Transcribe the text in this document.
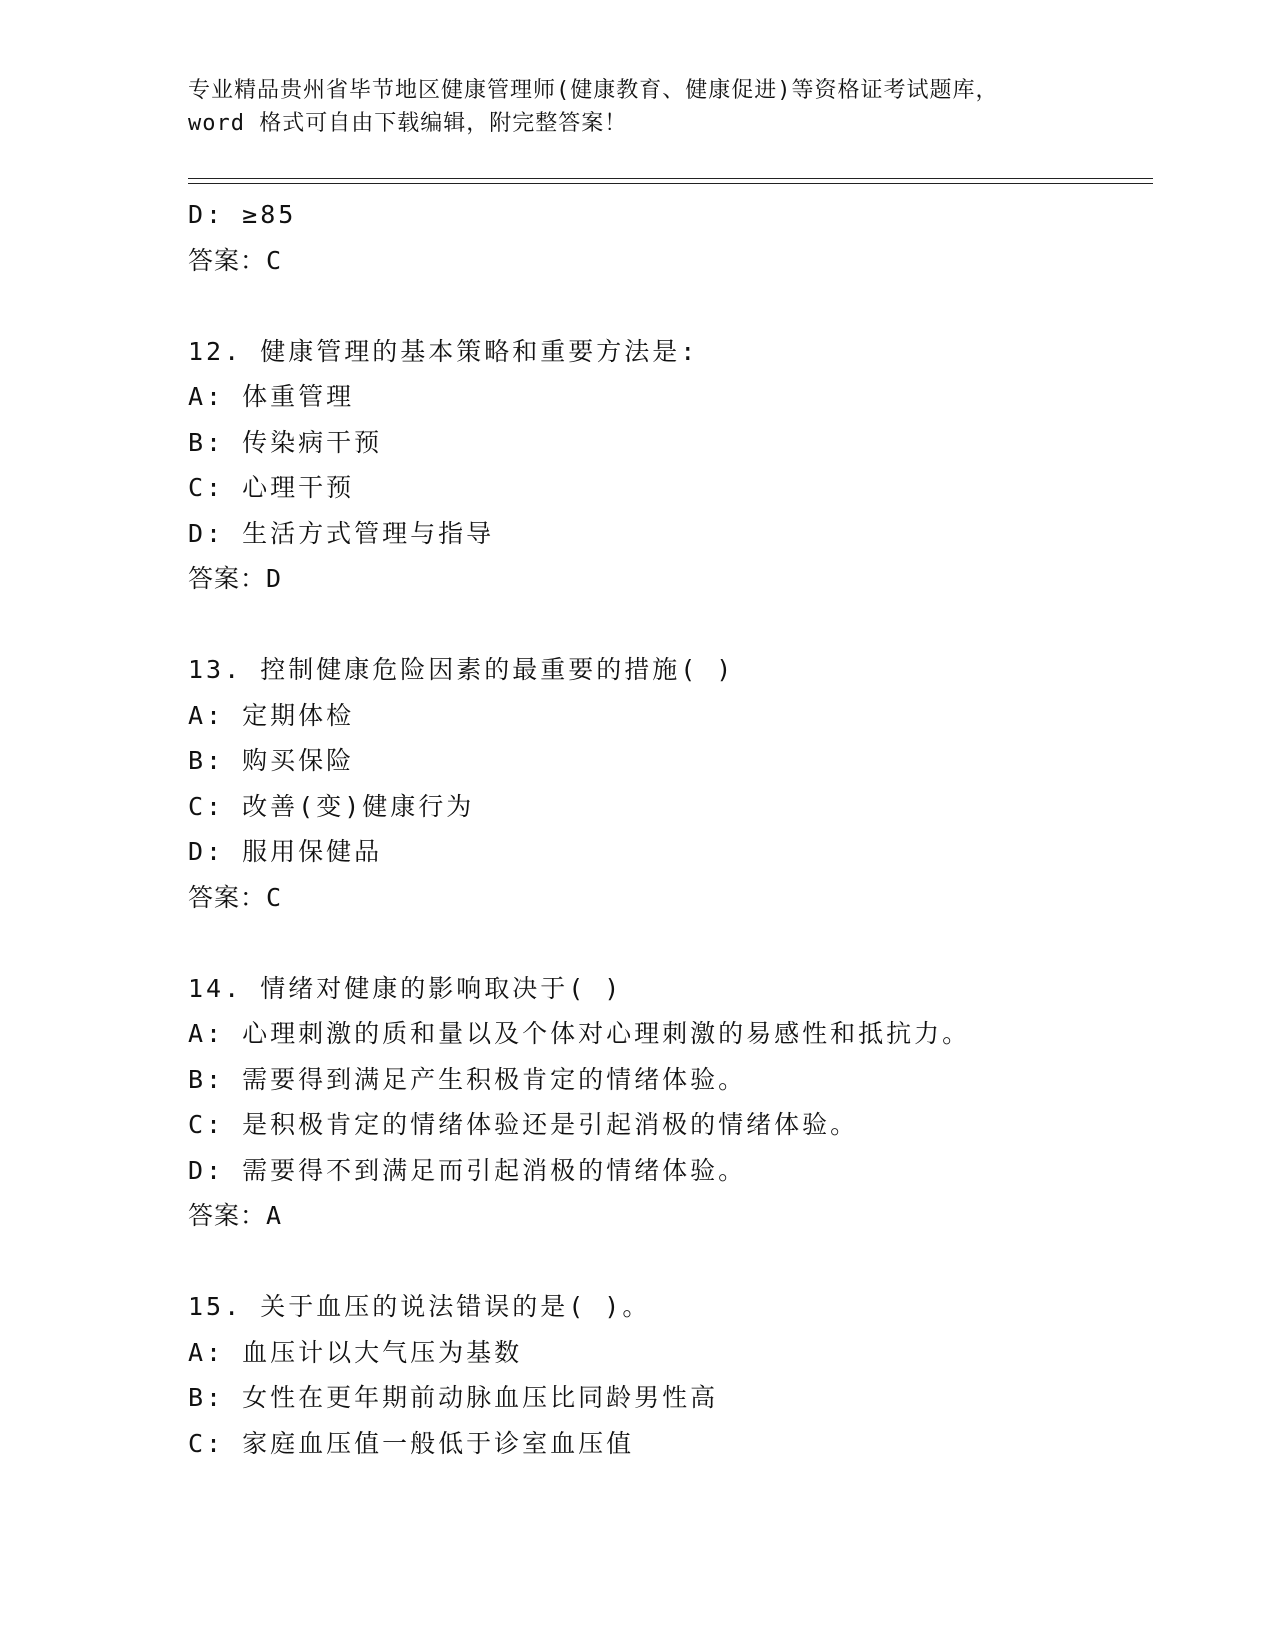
专业精品贵州省毕节地区健康管理师(健康教育、健康促进)等资格证考试题库，
word 格式可自由下载编辑，附完整答案！
D: ≥85
答案：C
12. 健康管理的基本策略和重要方法是:
A: 体重管理
B: 传染病干预
C: 心理干预
D: 生活方式管理与指导
答案：D
13. 控制健康危险因素的最重要的措施( )
A: 定期体检
B: 购买保险
C: 改善(变)健康行为
D: 服用保健品
答案：C
14. 情绪对健康的影响取决于( )
A: 心理刺激的质和量以及个体对心理刺激的易感性和抵抗力。
B: 需要得到满足产生积极肯定的情绪体验。
C: 是积极肯定的情绪体验还是引起消极的情绪体验。
D: 需要得不到满足而引起消极的情绪体验。
答案：A
15. 关于血压的说法错误的是( )。
A: 血压计以大气压为基数
B: 女性在更年期前动脉血压比同龄男性高
C: 家庭血压值一般低于诊室血压值
